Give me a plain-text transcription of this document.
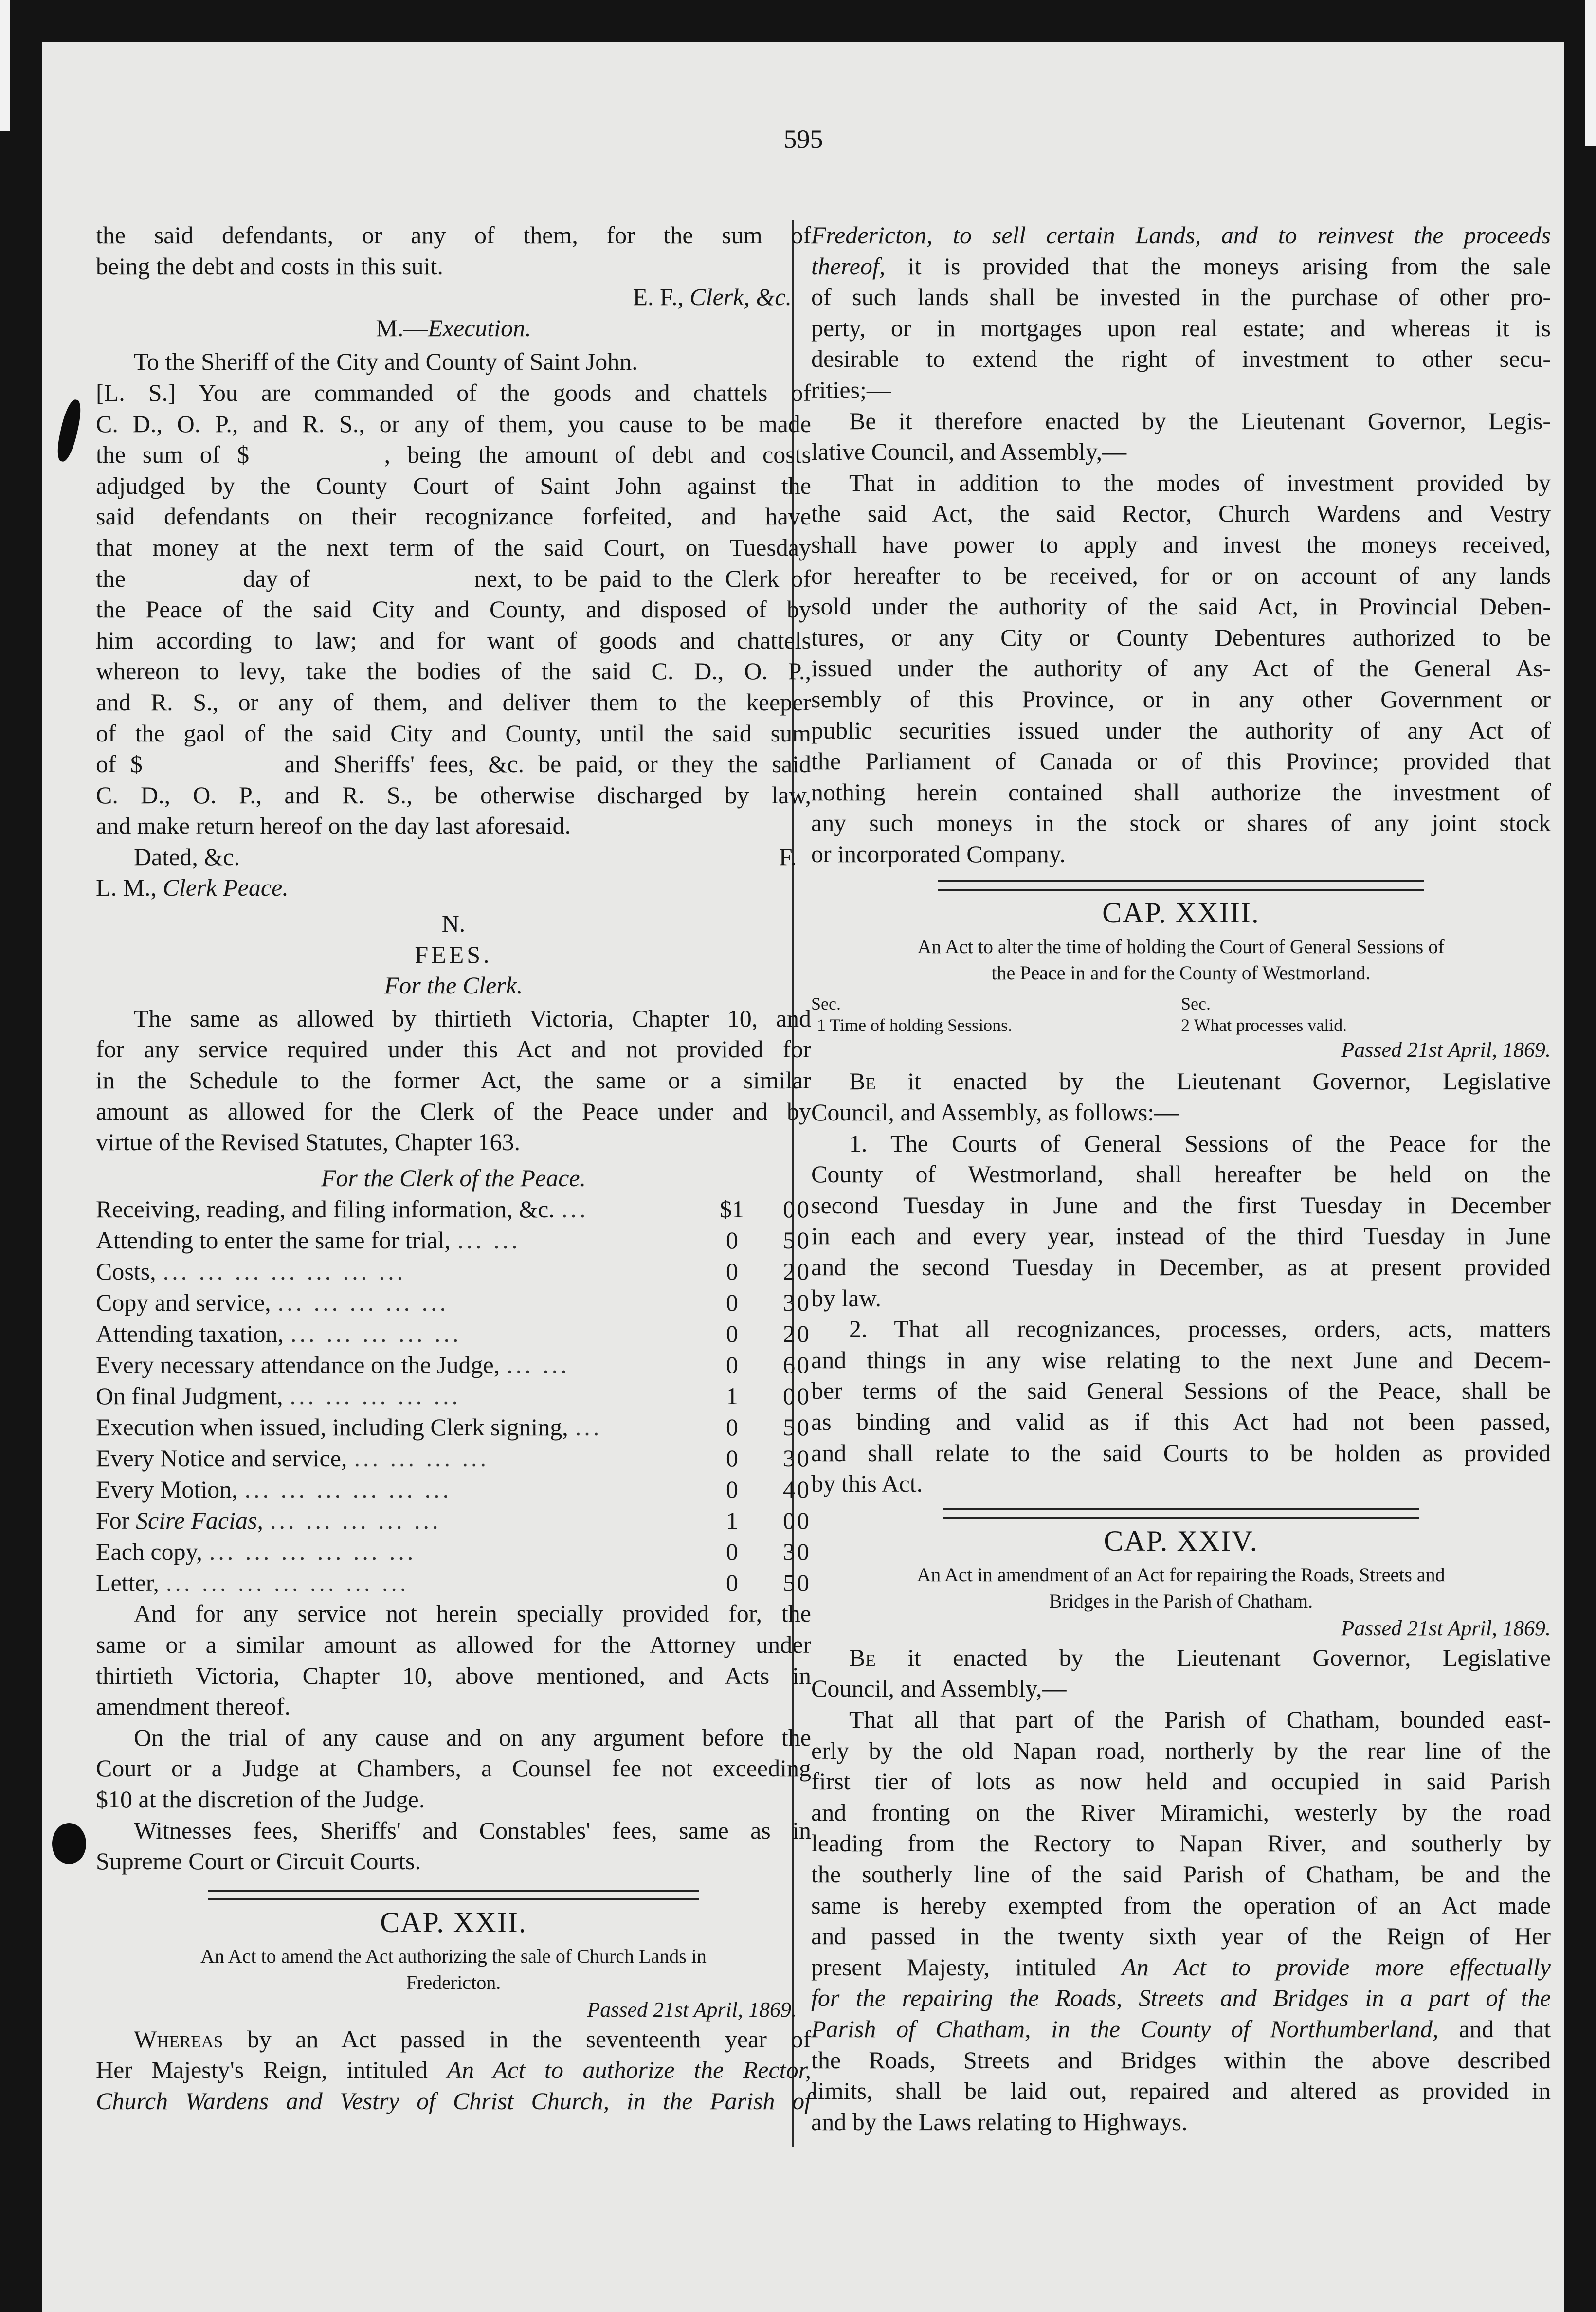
595

the said defendants, or any of them, for the sum of

being the debt and costs in this suit.

E. F., Clerk, &c.

M.—Execution.

To the Sheriff of the City and County of Saint John.

[L. S.] You are commanded of the goods and chattels of

C. D., O. P., and R. S., or any of them, you cause to be made

the sum of $        , being the amount of debt and costs

adjudged by the County Court of Saint John against the

said defendants on their recognizance forfeited, and have

that money at the next term of the said Court, on Tuesday

the          day of              next, to be paid to the Clerk of

the Peace of the said City and County, and disposed of by

him according to law; and for want of goods and chattels

whereon to levy, take the bodies of the said C. D., O. P.,

and R. S., or any of them, and deliver them to the keeper

of the gaol of the said City and County, until the said sum

of $          and Sheriffs' fees, &c. be paid, or they the said

C. D., O. P., and R. S., be otherwise discharged by law,

and make return hereof on the day last aforesaid.

Dated, &c.	F.

L. M., Clerk Peace.

N.

FEES.

For the Clerk.

The same as allowed by thirtieth Victoria, Chapter 10, and

for any service required under this Act and not provided for

in the Schedule to the former Act, the same or a similar

amount as allowed for the Clerk of the Peace under and by

virtue of the Revised Statutes, Chapter 163.

For the Clerk of the Peace.

Receiving, reading, and filing information, &c. ...	$1	00
Attending to enter the same for trial, ... ...	0	50
Costs, ... ... ... ... ... ... ...	0	20
Copy and service, ... ... ... ... ...	0	30
Attending taxation, ... ... ... ... ...	0	20
Every necessary attendance on the Judge, ... ...	0	60
On final Judgment, ... ... ... ... ...	1	00
Execution when issued, including Clerk signing, ...	0	50
Every Notice and service, ... ... ... ...	0	30
Every Motion, ... ... ... ... ... ...	0	40
For Scire Facias, ... ... ... ... ...	1	00
Each copy, ... ... ... ... ... ...	0	30
Letter, ... ... ... ... ... ... ...	0	50

And for any service not herein specially provided for, the

same or a similar amount as allowed for the Attorney under

thirtieth Victoria, Chapter 10, above mentioned, and Acts in

amendment thereof.

On the trial of any cause and on any argument before the

Court or a Judge at Chambers, a Counsel fee not exceeding

$10 at the discretion of the Judge.

Witnesses fees, Sheriffs' and Constables' fees, same as in

Supreme Court or Circuit Courts.

CAP. XXII.
An Act to amend the Act authorizing the sale of Church Lands in
Fredericton.
Passed 21st April, 1869.

Whereas by an Act passed in the seventeenth year of

Her Majesty's Reign, intituled An Act to authorize the Rector,

Church Wardens and Vestry of Christ Church, in the Parish of

Fredericton, to sell certain Lands, and to reinvest the proceeds

thereof, it is provided that the moneys arising from the sale

of such lands shall be invested in the purchase of other pro-

perty, or in mortgages upon real estate; and whereas it is

desirable to extend the right of investment to other secu-

rities;—

Be it therefore enacted by the Lieutenant Governor, Legis-

lative Council, and Assembly,—

That in addition to the modes of investment provided by

the said Act, the said Rector, Church Wardens and Vestry

shall have power to apply and invest the moneys received,

or hereafter to be received, for or on account of any lands

sold under the authority of the said Act, in Provincial Deben-

tures, or any City or County Debentures authorized to be

issued under the authority of any Act of the General As-

sembly of this Province, or in any other Government or

public securities issued under the authority of any Act of

the Parliament of Canada or of this Province; provided that

nothing herein contained shall authorize the investment of

any such moneys in the stock or shares of any joint stock

or incorporated Company.

CAP. XXIII.
An Act to alter the time of holding the Court of General Sessions of
the Peace in and for the County of Westmorland.
Sec.
1 Time of holding Sessions.
Sec.
2 What processes valid.
Passed 21st April, 1869.

Be it enacted by the Lieutenant Governor, Legislative

Council, and Assembly, as follows:—

1. The Courts of General Sessions of the Peace for the

County of Westmorland, shall hereafter be held on the

second Tuesday in June and the first Tuesday in December

in each and every year, instead of the third Tuesday in June

and the second Tuesday in December, as at present provided

by law.

2. That all recognizances, processes, orders, acts, matters

and things in any wise relating to the next June and Decem-

ber terms of the said General Sessions of the Peace, shall be

as binding and valid as if this Act had not been passed,

and shall relate to the said Courts to be holden as provided

by this Act.

CAP. XXIV.
An Act in amendment of an Act for repairing the Roads, Streets and
Bridges in the Parish of Chatham.
Passed 21st April, 1869.

Be it enacted by the Lieutenant Governor, Legislative

Council, and Assembly,—

That all that part of the Parish of Chatham, bounded east-

erly by the old Napan road, northerly by the rear line of the

first tier of lots as now held and occupied in said Parish

and fronting on the River Miramichi, westerly by the road

leading from the Rectory to Napan River, and southerly by

the southerly line of the said Parish of Chatham, be and the

same is hereby exempted from the operation of an Act made

and passed in the twenty sixth year of the Reign of Her

present Majesty, intituled An Act to provide more effectually

for the repairing the Roads, Streets and Bridges in a part of the

Parish of Chatham, in the County of Northumberland, and that

the Roads, Streets and Bridges within the above described

limits, shall be laid out, repaired and altered as provided in

and by the Laws relating to Highways.
